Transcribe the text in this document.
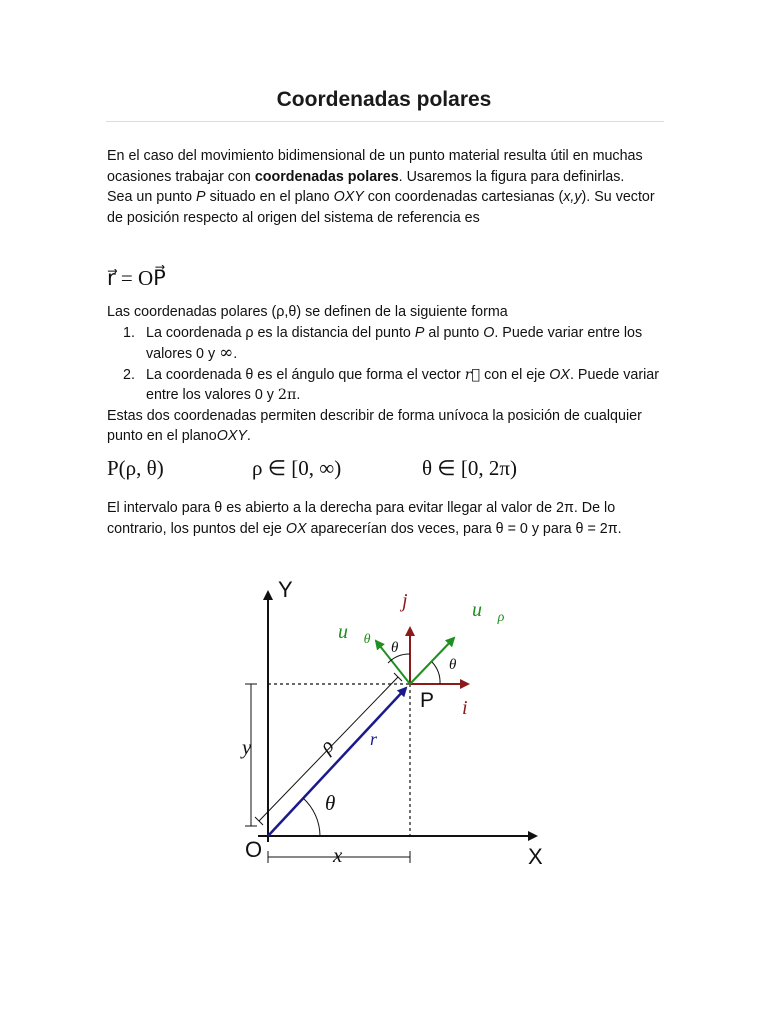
Coordenadas polares
En el caso del movimiento bidimensional de un punto material resulta útil en muchas ocasiones trabajar con coordenadas polares. Usaremos la figura para definirlas.
Sea un punto P situado en el plano OXY con coordenadas cartesianas (x,y). Su vector de posición respecto al origen del sistema de referencia es
r⃗ = OP⃗
Las coordenadas polares (ρ,θ) se definen de la siguiente forma
1. La coordenada ρ es la distancia del punto P al punto O. Puede variar entre los valores 0 y ∞.
2. La coordenada θ es el ángulo que forma el vector r⃗ con el eje OX. Puede variar entre los valores 0 y 2π.
Estas dos coordenadas permiten describir de forma unívoca la posición de cualquier punto en el planoOXY.
P(ρ, θ)	ρ ∈ [0, ∞)	θ ∈ [0, 2π)
El intervalo para θ es abierto a la derecha para evitar llegar al valor de 2π. De lo contrario, los puntos del eje OX aparecerían dos veces, para θ = 0 y para θ = 2π.
Y
X
O
P
x
y	ρ r⃗
θ
θ
θ
i⃗
j⃗ $u⃗_\rho$
$u⃗_\theta$
